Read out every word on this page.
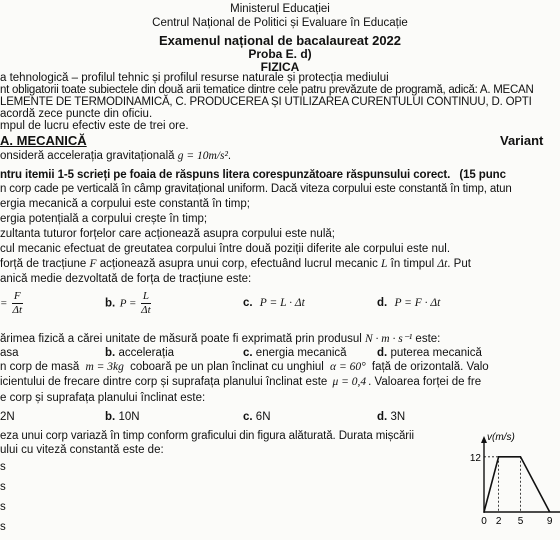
Ministerul Educației
Centrul Național de Politici și Evaluare în Educație
Examenul național de bacalaureat 2022
Proba E. d)
FIZICA
a tehnologică – profilul tehnic și profilul resurse naturale și protecția mediului
nt obligatorii toate subiectele din două arii tematice dintre cele patru prevăzute de programă, adică: A. MECAN
LEMENTE DE TERMODINAMICĂ, C. PRODUCEREA ȘI UTILIZAREA CURENTULUI CONTINUU, D. OPTI
acordă zece puncte din oficiu.
mpul de lucru efectiv este de trei ore.
A. MECANICĂ	Variant
onsideră accelerația gravitațională g = 10m/s².
ntru itemii 1-5 scrieți pe foaia de răspuns litera corespunzătoare răspunsului corect. (15 punc
n corp cade pe verticală în câmp gravitațional uniform. Dacă viteza corpului este constantă în timp, atun
ergia mecanică a corpului este constantă în timp;
ergia potențială a corpului crește în timp;
zultanta tuturor forțelor care acționează asupra corpului este nulă;
cul mecanic efectuat de greutatea corpului între două poziții diferite ale corpului este nul.
forță de tracțiune F acționează asupra unui corp, efectuând lucrul mecanic L în timpul Δt. Put
anică medie dezvoltată de forța de tracțiune este:
= $\frac{F}{\Delta t}$	b. $P = \frac{L}{\Delta t}$	c. P = L · Δt	d. P = F · Δt
ărimea fizică a cărei unitate de măsură poate fi exprimată prin produsul N · m · s⁻¹ este:
asa	b. accelerația	c. energia mecanică	d. puterea mecanică
n corp de masă m = 3kg coboară pe un plan înclinat cu unghiul α = 60° față de orizontală. Valo
icientului de frecare dintre corp și suprafața planului înclinat este μ = 0,4 . Valoarea forței de fre
e corp și suprafața planului înclinat este:
2N	b. 10N	c. 6N	d. 3N
eza unui corp variază în timp conform graficului din figura alăturată. Durata mișcării
ului cu viteză constantă este de:
s
s
s
s
v(m/s)
12
0 2 5 9
